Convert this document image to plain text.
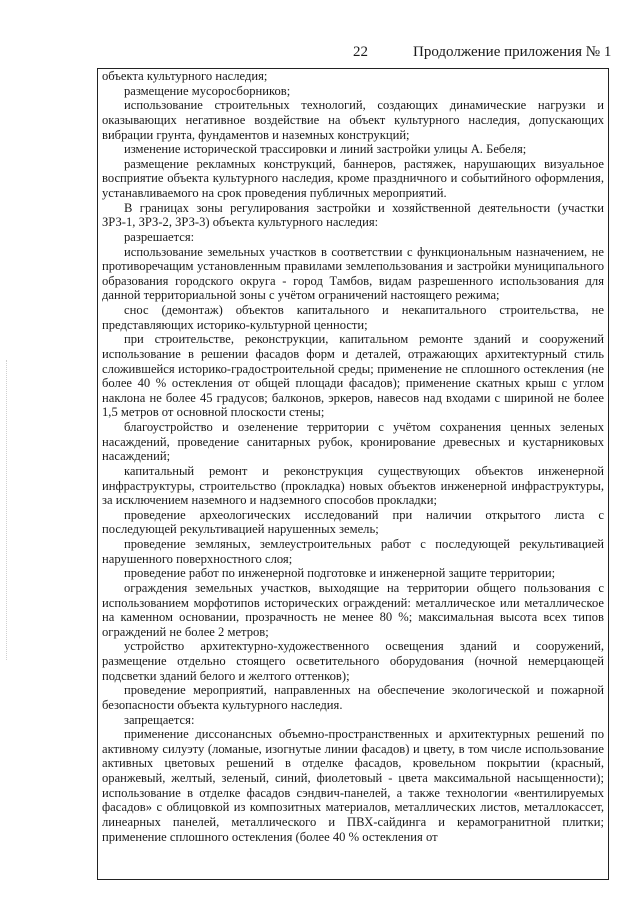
22	Продолжение приложения № 1

объекта культурного наследия;

размещение мусоросборников;

использование строительных технологий, создающих динамические нагрузки и оказывающих негативное воздействие на объект культурного наследия, допускающих вибрации грунта, фундаментов и наземных конструкций;

изменение исторической трассировки и линий застройки улицы А. Бебеля;

размещение рекламных конструкций, баннеров, растяжек, нарушающих визуальное восприятие объекта культурного наследия, кроме праздничного и событийного оформления, устанавливаемого на срок проведения публичных мероприятий.

В границах зоны регулирования застройки и хозяйственной деятельности (участки ЗРЗ-1, ЗРЗ-2, ЗРЗ-3) объекта культурного наследия:

разрешается:

использование земельных участков в соответствии с функциональным назначением, не противоречащим установленным правилами землепользования и застройки муниципального образования городского округа - город Тамбов, видам разрешенного использования для данной территориальной зоны с учётом ограничений настоящего режима;

снос (демонтаж) объектов капитального и некапитального строительства, не представляющих историко-культурной ценности;

при строительстве, реконструкции, капитальном ремонте зданий и сооружений использование в решении фасадов форм и деталей, отражающих архитектурный стиль сложившейся историко-градостроительной среды; применение не сплошного остекления (не более 40 % остекления от общей площади фасадов); применение скатных крыш с углом наклона не более 45 градусов; балконов, эркеров, навесов над входами с шириной не более 1,5 метров от основной плоскости стены;

благоустройство и озеленение территории с учётом сохранения ценных зеленых насаждений, проведение санитарных рубок, кронирование древесных и кустарниковых насаждений;

капитальный ремонт и реконструкция существующих объектов инженерной инфраструктуры, строительство (прокладка) новых объектов инженерной инфраструктуры, за исключением наземного и надземного способов прокладки;

проведение археологических исследований при наличии открытого листа с последующей рекультивацией нарушенных земель;

проведение земляных, землеустроительных работ с последующей рекультивацией нарушенного поверхностного слоя;

проведение работ по инженерной подготовке и инженерной защите территории;

ограждения земельных участков, выходящие на территории общего пользования с использованием морфотипов исторических ограждений: металлическое или металлическое на каменном основании, прозрачность не менее 80 %; максимальная высота всех типов ограждений не более 2 метров;

устройство архитектурно-художественного освещения зданий и сооружений, размещение отдельно стоящего осветительного оборудования (ночной немерцающей подсветки зданий белого и желтого оттенков);

проведение мероприятий, направленных на обеспечение экологической и пожарной безопасности объекта культурного наследия.

запрещается:

применение диссонансных объемно-пространственных и архитектурных решений по активному силуэту (ломаные, изогнутые линии фасадов) и цвету, в том числе использование активных цветовых решений в отделке фасадов, кровельном покрытии (красный, оранжевый, желтый, зеленый, синий, фиолетовый - цвета максимальной насыщенности); использование в отделке фасадов сэндвич-панелей, а также технологии «вентилируемых фасадов» с облицовкой из композитных материалов, металлических листов, металлокассет, линеарных панелей, металлического и ПВХ-сайдинга и керамогранитной плитки; применение сплошного остекления (более 40 % остекления от
